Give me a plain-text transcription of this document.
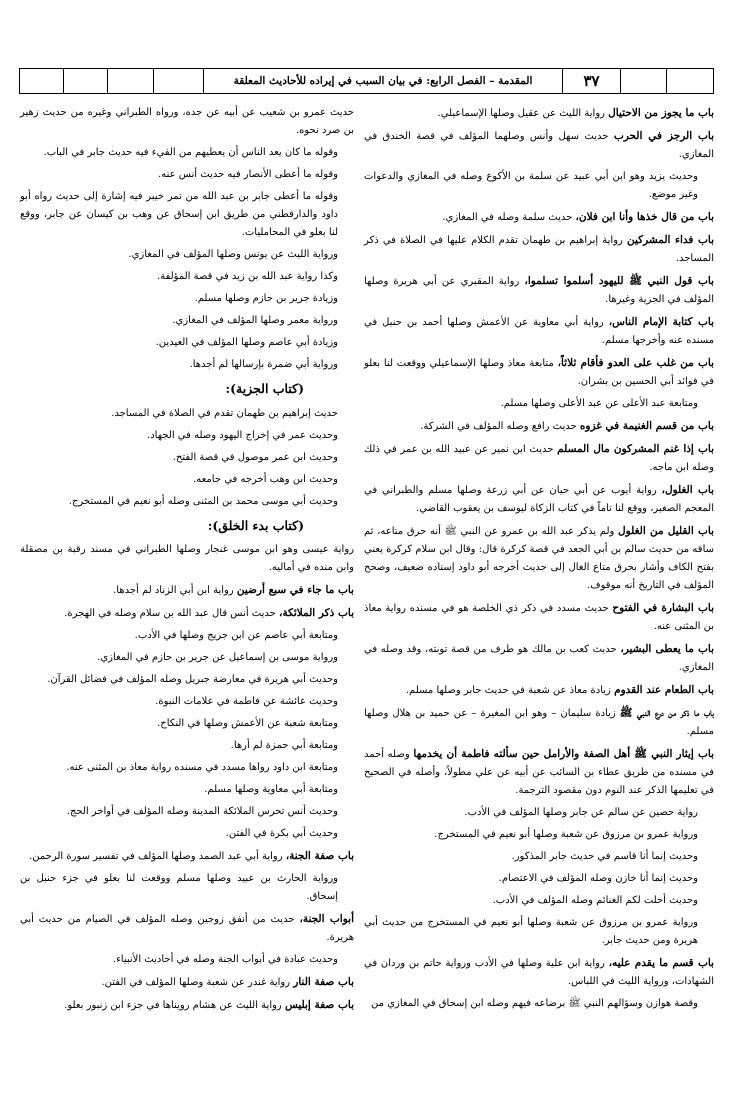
المقدمة – الفصل الرابع: في بيان السبب في إيراده للأحاديث المعلقة	٣٧
باب ما يجوز من الاحتيال رواية الليث عن عقيل وصلها الإسماعيلي.
باب الرجز في الحرب حديث سهل وأنس وصلهما المؤلف في قصة الخندق في المغازي.
وحديث يزيد وهو ابن أبي عبيد عن سلمة بن الأكوع وصله في المغازي والدعوات وغير موضع.
باب من قال خذها وأنا ابن فلان، حديث سلمة وصله في المغازي.
باب فداء المشركين رواية إبراهيم بن طهمان تقدم الكلام عليها في الصلاة في ذكر المساجد.
باب قول النبي ﷺ لليهود أسلموا تسلموا، رواية المقبري عن أبي هريرة وصلها المؤلف في الجزية وغيرها.
باب كتابة الإمام الناس، رواية أبي معاوية عن الأعمش وصلها أحمد بن حنبل في مسنده عنه وأخرجها مسلم.
باب من غلب على العدو فأقام ثلاثاً، متابعة معاذ وصلها الإسماعيلي ووقعت لنا بعلو في فوائد أبي الحسين بن بشران.
ومتابعة عبد الأعلى عن عبد الأعلى وصلها مسلم.
باب من قسم الغنيمة في غزوه حديث رافع وصله المؤلف في الشركة.
باب إذا غنم المشركون مال المسلم حديث ابن نمير عن عبيد الله بن عمر في ذلك وصله ابن ماجه.
باب الغلول، رواية أيوب عن أبي حيان عن أبي زرعة وصلها مسلم والطبراني في المعجم الصغير، ووقع لنا تاماً في كتاب الزكاة ليوسف بن يعقوب القاضي.
باب القليل من الغلول ولم يذكر عبد الله بن عمرو عن النبي ﷺ أنه حرق متاعه، ثم ساقه من حديث سالم بن أبي الجعد في قصة كركرة قال: وقال ابن سلام كركرة يعني بفتح الكاف وأشار بحرق متاع الغال إلى حديث أخرجه أبو داود إسناده ضعيف، وصحح المؤلف في التاريخ أنه موقوف.
باب البشارة في الفتوح حديث مسدد في ذكر ذي الخلصة هو في مسنده رواية معاذ بن المثنى عنه.
باب ما يعطى البشير، حديث كعب بن مالك هو طرف من قصة توبته، وقد وصله في المغازي.
باب الطعام عند القدوم زيادة معاذ عن شعبة في حديث جابر وصلها مسلم.
باب ما ذكر من درع النبي ﷺ زيادة سليمان – وهو ابن المغيرة – عن حميد بن هلال وصلها مسلم.
باب إيثار النبي ﷺ أهل الصفة والأرامل حين سألته فاطمة أن يخدمها وصله أحمد في مسنده من طريق عطاء بن السائب عن أبيه عن علي مطولاً، وأصله في الصحيح في تعليمها الذكر عند النوم دون مقصود الترجمة.
رواية حصين عن سالم عن جابر وصلها المؤلف في الأدب.
ورواية عمرو بن مرزوق عن شعبة وصلها أبو نعيم في المستخرج.
وحديث إنما أنا قاسم في حديث جابر المذكور.
وحديث إنما أنا خازن وصله المؤلف في الاعتصام.
وحديث أحلت لكم الغنائم وصله المؤلف في الأدب.
ورواية عمرو بن مرزوق عن شعبة وصلها أبو نعيم في المستخرج من حديث أبي هريرة ومن حديث جابر.
باب قسم ما يقدم عليه، رواية ابن علية وصلها في الأدب ورواية حاتم بن وردان في الشهادات، ورواية الليث في اللباس.
وقصة هوازن وسؤالهم النبي ﷺ برضاعه فيهم وصله ابن إسحاق في المغازي من
حديث عمرو بن شعيب عن أبيه عن جده، ورواه الطبراني وغيره من حديث زهير بن صرد نحوه.
وقوله ما كان يعد الناس أن يعطيهم من الفيء فيه حديث جابر في الباب.
وقوله ما أعطى الأنصار فيه حديث أنس عنه.
وقوله ما أعطى جابر بن عبد الله من تمر خيبر فيه إشارة إلى حديث رواه أبو داود والدارقطني من طريق ابن إسحاق عن وهب بن كيسان عن جابر، ووقع لنا بعلو في المحامليات.
ورواية الليث عن يونس وصلها المؤلف في المغازي.
وكذا رواية عبد الله بن زيد في قصة المؤلفة.
وزيادة جرير بن حازم وصلها مسلم.
ورواية معمر وصلها المؤلف في المغازي.
وزيادة أبي عاصم وصلها المؤلف في العيدين.
ورواية أبي ضمرة بإرسالها لم أجدها.
(كتاب الجزية):
حديث إبراهيم بن طهمان تقدم في الصلاة في المساجد.
وحديث عمر في إخراج اليهود وصله في الجهاد.
وحديث ابن عمر موصول في قصة الفتح.
وحديث ابن وهب أخرجه في جامعه.
وحديث أبي موسى محمد بن المثنى وصله أبو نعيم في المستخرج.
(كتاب بدء الخلق):
رواية عيسى وهو ابن موسى غنجار وصلها الطبراني في مسند رقبة بن مصقلة وابن منده في أماليه.
باب ما جاء في سبع أرضين رواية ابن أبي الزناد لم أجدها.
باب ذكر الملائكة، حديث أنس قال عبد الله بن سلام وصله في الهجرة.
ومتابعة أبي عاصم عن ابن جريج وصلها في الأدب.
ورواية موسى بن إسماعيل عن جرير بن حازم في المغازي.
وحديث أبي هريرة في معارضة جبريل وصله المؤلف في فضائل القرآن.
وحديث عائشة عن فاطمة في علامات النبوة.
ومتابعة شعبة عن الأعمش وصلها في النكاح.
ومتابعة أبي حمزة لم أرها.
ومتابعة ابن داود رواها مسدد في مسنده رواية معاذ بن المثنى عنه.
ومتابعة أبي معاوية وصلها مسلم.
وحديث أنس تحرس الملائكة المدينة وصله المؤلف في أواخر الحج.
وحديث أبي بكرة في الفتن.
باب صفة الجنة، رواية أبي عبد الصمد وصلها المؤلف في تفسير سورة الرحمن.
ورواية الحارث بن عبيد وصلها مسلم ووقعت لنا بعلو في جزء حنبل بن إسحاق.
أبواب الجنة، حديث من أنفق زوجين وصله المؤلف في الصيام من حديث أبي هريرة.
وحديث عبادة في أبواب الجنة وصله في أحاديث الأنبياء.
باب صفة النار رواية غندر عن شعبة وصلها المؤلف في الفتن.
باب صفة إبليس رواية الليث عن هشام رويناها في جزء ابن زنبور بعلو.
